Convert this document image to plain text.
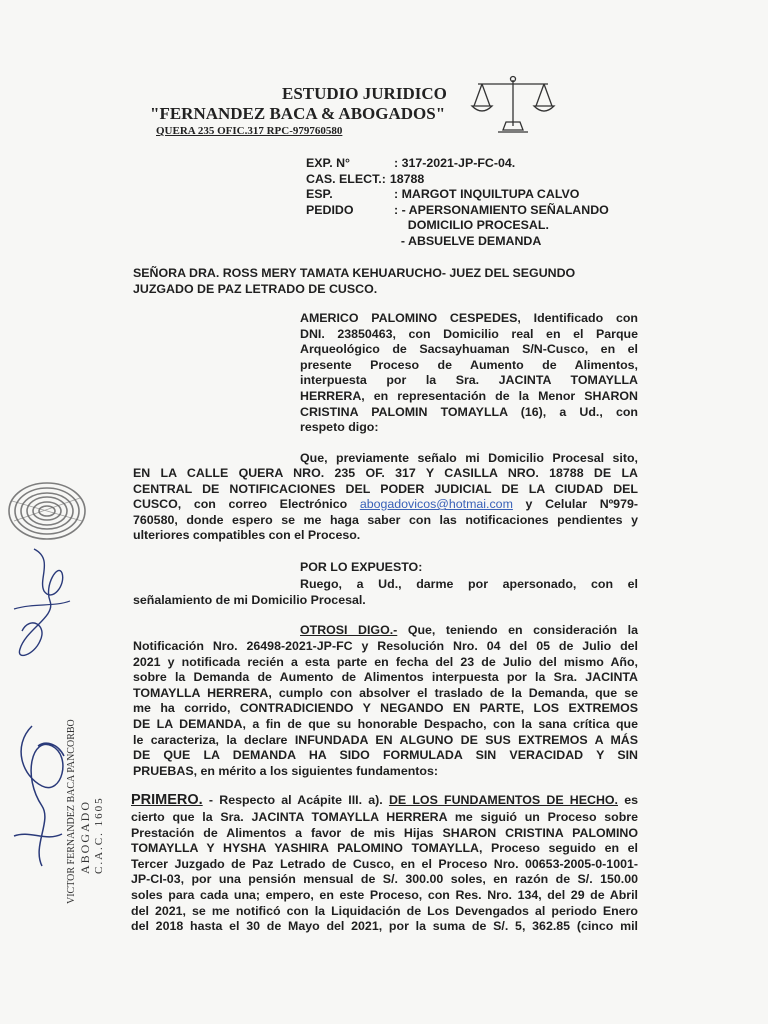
ESTUDIO JURIDICO
"FERNANDEZ BACA & ABOGADOS"
QUERA 235 OFIC.317 RPC-979760580
EXP. N°	: 317-2021-JP-FC-04.
CAS. ELECT.: 18788
ESP.	: MARGOT INQUILTUPA CALVO
PEDIDO	: - APERSONAMIENTO SEÑALANDO
DOMICILIO PROCESAL.
- ABSUELVE DEMANDA
SEÑORA DRA. ROSS MERY TAMATA KEHUARUCHO- JUEZ DEL SEGUNDO
JUZGADO DE PAZ LETRADO DE CUSCO.
AMERICO PALOMINO CESPEDES, Identificado con
DNI. 23850463, con Domicilio real en el Parque
Arqueológico de Sacsayhuaman S/N-Cusco, en el
presente Proceso de Aumento de Alimentos,
interpuesta por la Sra. JACINTA TOMAYLLA
HERRERA, en representación de la Menor SHARON
CRISTINA PALOMIN TOMAYLLA (16), a Ud., con
respeto digo:
Que, previamente señalo mi Domicilio Procesal sito,
EN LA CALLE QUERA NRO. 235 OF. 317 Y CASILLA NRO. 18788 DE LA
CENTRAL DE NOTIFICACIONES DEL PODER JUDICIAL DE LA CIUDAD DEL
CUSCO, con correo Electrónico abogadovicos@hotmai.com y Celular Nº979-
760580, donde espero se me haga saber con las notificaciones pendientes y
ulteriores compatibles con el Proceso.
POR LO EXPUESTO:
Ruego, a Ud., darme por apersonado, con el
señalamiento de mi Domicilio Procesal.
OTROSI DIGO.- Que, teniendo en consideración la
Notificación Nro. 26498-2021-JP-FC y Resolución Nro. 04 del 05 de Julio del
2021 y notificada recién a esta parte en fecha del 23 de Julio del mismo Año,
sobre la Demanda de Aumento de Alimentos interpuesta por la Sra. JACINTA
TOMAYLLA HERRERA, cumplo con absolver el traslado de la Demanda, que se
me ha corrido, CONTRADICIENDO Y NEGANDO EN PARTE, LOS EXTREMOS
DE LA DEMANDA, a fin de que su honorable Despacho, con la sana crítica que
le caracteriza, la declare INFUNDADA EN ALGUNO DE SUS EXTREMOS A MÁS
DE QUE LA DEMANDA HA SIDO FORMULADA SIN VERACIDAD Y SIN
PRUEBAS, en mérito a los siguientes fundamentos:
PRIMERO. - Respecto al Acápite III. a). DE LOS FUNDAMENTOS DE HECHO. es
cierto que la Sra. JACINTA TOMAYLLA HERRERA me siguió un Proceso sobre
Prestación de Alimentos a favor de mis Hijas SHARON CRISTINA PALOMINO
TOMAYLLA Y HYSHA YASHIRA PALOMINO TOMAYLLA, Proceso seguido en el
Tercer Juzgado de Paz Letrado de Cusco, en el Proceso Nro. 00653-2005-0-1001-
JP-CI-03, por una pensión mensual de S/. 300.00 soles, en razón de S/. 150.00
soles para cada una; empero, en este Proceso, con Res. Nro. 134, del 29 de Abril
del 2021, se me notificó con la Liquidación de Los Devengados al periodo Enero
del 2018 hasta el 30 de Mayo del 2021, por la suma de S/. 5, 362.85 (cinco mil
VICTOR FERNANDEZ BACA PANCORBO ABOGADO C.A.C. 1605
